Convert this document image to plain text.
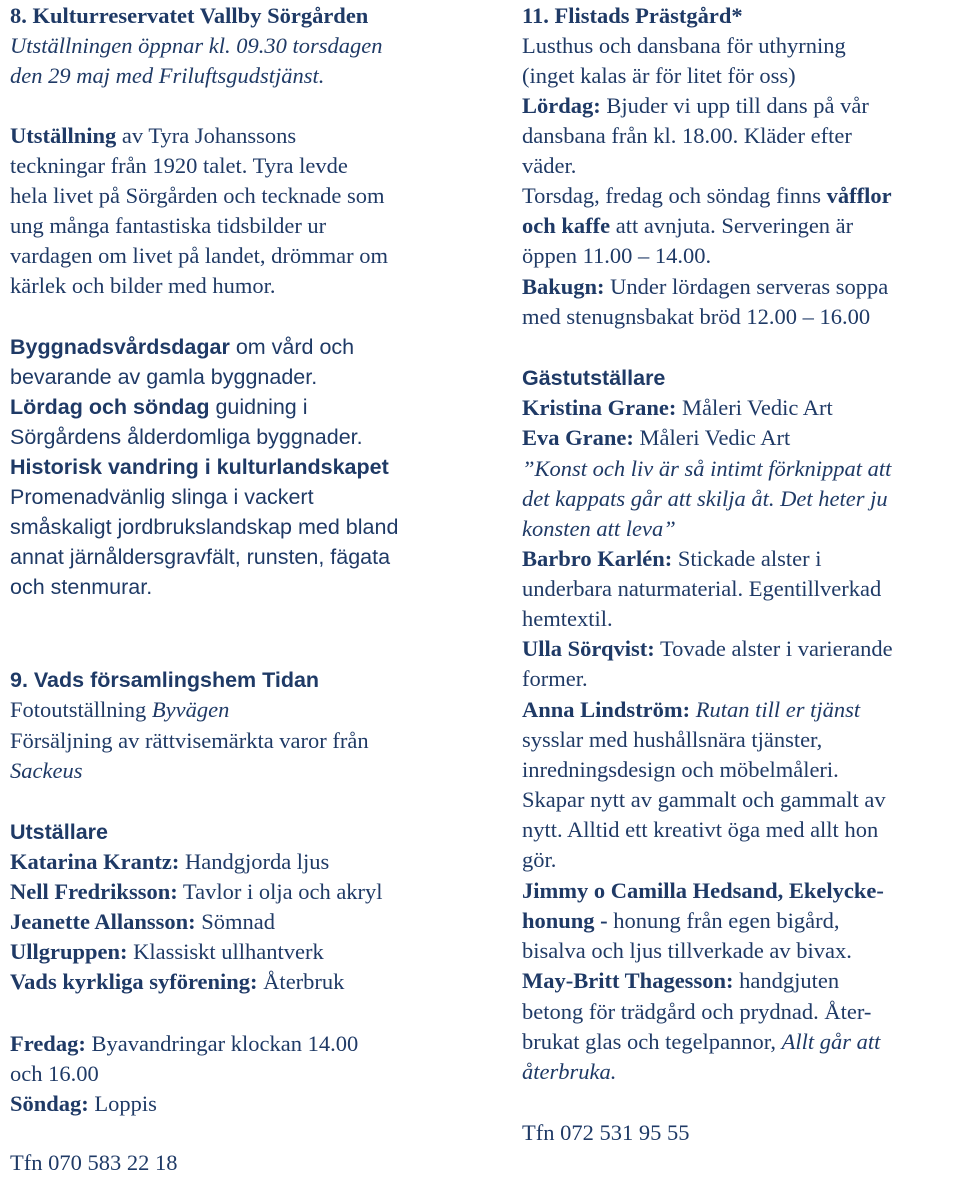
8. Kulturreservatet Vallby Sörgården
Utställningen öppnar kl. 09.30 torsdagen
den 29 maj med Friluftsgudstjänst.
Utställning av Tyra Johanssons
teckningar från 1920 talet. Tyra levde
hela livet på Sörgården och tecknade som
ung många fantastiska tidsbilder ur
vardagen om livet på landet, drömmar om
kärlek och bilder med humor.
Byggnadsvårdsdagar om vård och
bevarande av gamla byggnader.
Lördag och söndag guidning i
Sörgårdens ålderdomliga byggnader.
Historisk vandring i kulturlandskapet
Promenadvänlig slinga i vackert
småskaligt jordbrukslandskap med bland
annat järnåldersgravfält, runsten, fägata
och stenmurar.
9. Vads församlingshem Tidan
Fotoutställning Byvägen
Försäljning av rättvisemärkta varor från
Sackeus
Utställare
Katarina Krantz: Handgjorda ljus
Nell Fredriksson: Tavlor i olja och akryl
Jeanette Allansson: Sömnad
Ullgruppen: Klassiskt ullhantverk
Vads kyrkliga syförening: Återbruk
Fredag: Byavandringar klockan 14.00
och 16.00
Söndag: Loppis
Tfn 070 583 22 18
11. Flistads Prästgård*
Lusthus och dansbana för uthyrning
(inget kalas är för litet för oss)
Lördag: Bjuder vi upp till dans på vår
dansbana från kl. 18.00. Kläder efter
väder.
Torsdag, fredag och söndag finns våfflor
och kaffe att avnjuta. Serveringen är
öppen 11.00 – 14.00.
Bakugn: Under lördagen serveras soppa
med stenugnsbakat bröd 12.00 – 16.00
Gästutställare
Kristina Grane: Måleri Vedic Art
Eva Grane: Måleri Vedic Art
”Konst och liv är så intimt förknippat att
det kappats går att skilja åt. Det heter ju
konsten att leva”
Barbro Karlén: Stickade alster i
underbara naturmaterial. Egentillverkad
hemtextil.
Ulla Sörqvist: Tovade alster i varierande
former.
Anna Lindström: Rutan till er tjänst
sysslar med hushållsnära tjänster,
inredningsdesign och möbelmåleri.
Skapar nytt av gammalt och gammalt av
nytt. Alltid ett kreativt öga med allt hon
gör.
Jimmy o Camilla Hedsand, Ekelycke-
honung - honung från egen bigård,
bisalva och ljus tillverkade av bivax.
May-Britt Thagesson: handgjuten
betong för trädgård och prydnad. Åter-
brukat glas och tegelpannor, Allt går att
återbruka.
Tfn 072 531 95 55
